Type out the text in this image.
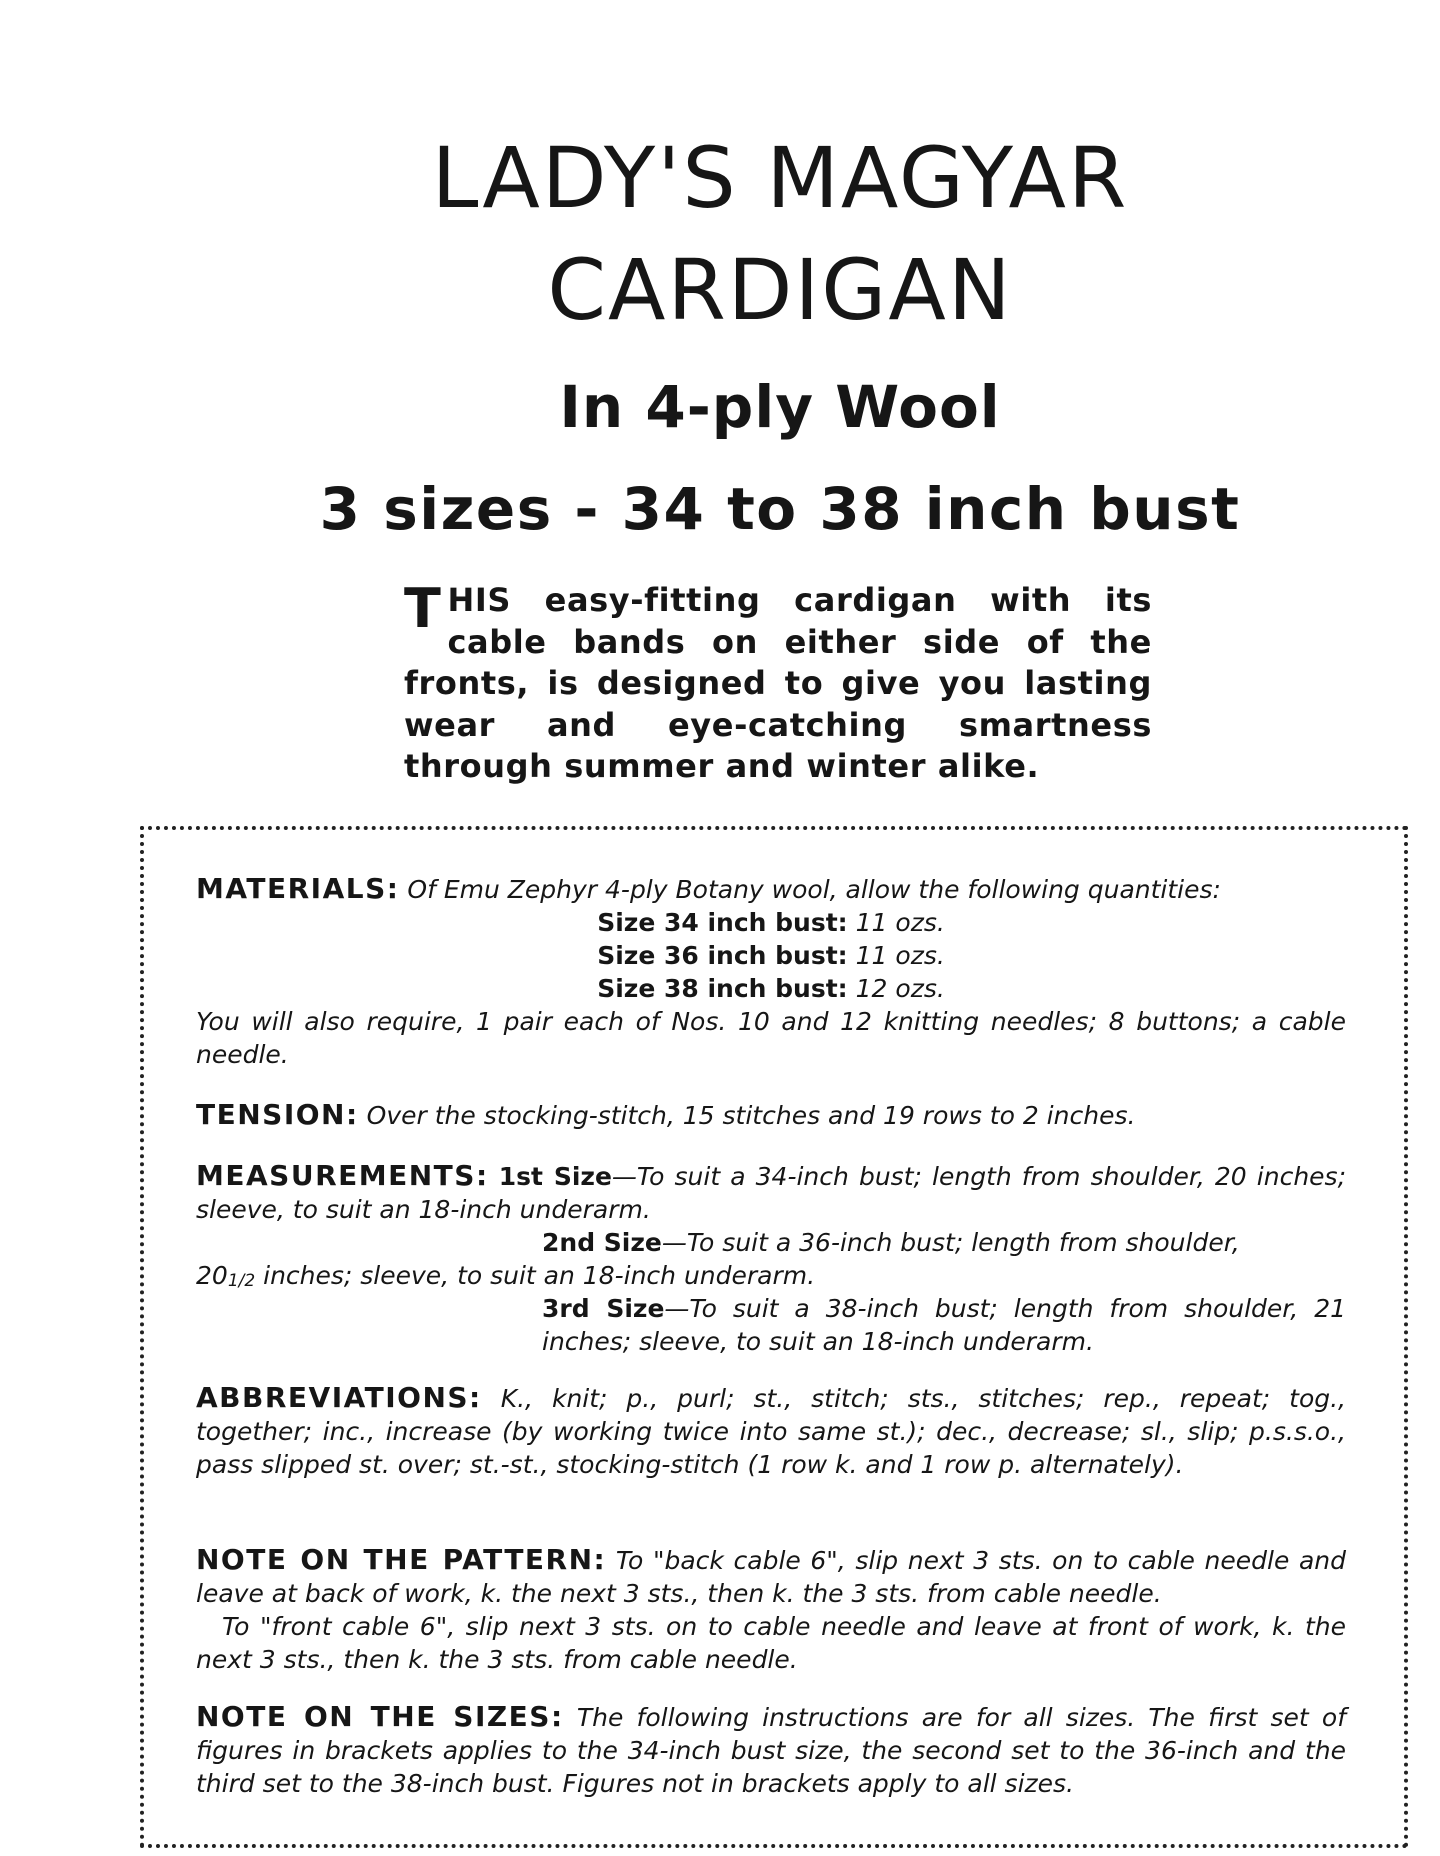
LADY'S MAGYAR
CARDIGAN
In 4-ply Wool
3 sizes - 34 to 38 inch bust

THIS easy-fitting cardigan with its cable bands on either side of the fronts, is designed to give you lasting wear and eye-catching smartness through summer and winter alike.

MATERIALS: Of Emu Zephyr 4-ply Botany wool, allow the following quantities:
Size 34 inch bust: 11 ozs.
Size 36 inch bust: 11 ozs.
Size 38 inch bust: 12 ozs.
You will also require, 1 pair each of Nos. 10 and 12 knitting needles; 8 buttons; a cable needle.
TENSION: Over the stocking-stitch, 15 stitches and 19 rows to 2 inches.
MEASUREMENTS: 1st Size—To suit a 34-inch bust; length from shoulder, 20 inches; sleeve, to suit an 18-inch underarm.
2nd Size—To suit a 36-inch bust; length from shoulder,
201/2 inches; sleeve, to suit an 18-inch underarm.
3rd Size—To suit a 38-inch bust; length from shoulder, 21 inches; sleeve, to suit an 18-inch underarm.
ABBREVIATIONS: K., knit; p., purl; st., stitch; sts., stitches; rep., repeat; tog., together; inc., increase (by working twice into same st.); dec., decrease; sl., slip; p.s.s.o., pass slipped st. over; st.-st., stocking-stitch (1 row k. and 1 row p. alternately).
NOTE ON THE PATTERN: To "back cable 6", slip next 3 sts. on to cable needle and leave at back of work, k. the next 3 sts., then k. the 3 sts. from cable needle.
To "front cable 6", slip next 3 sts. on to cable needle and leave at front of work, k. the next 3 sts., then k. the 3 sts. from cable needle.
NOTE ON THE SIZES: The following instructions are for all sizes. The first set of figures in brackets applies to the 34-inch bust size, the second set to the 36-inch and the third set to the 38-inch bust. Figures not in brackets apply to all sizes.
